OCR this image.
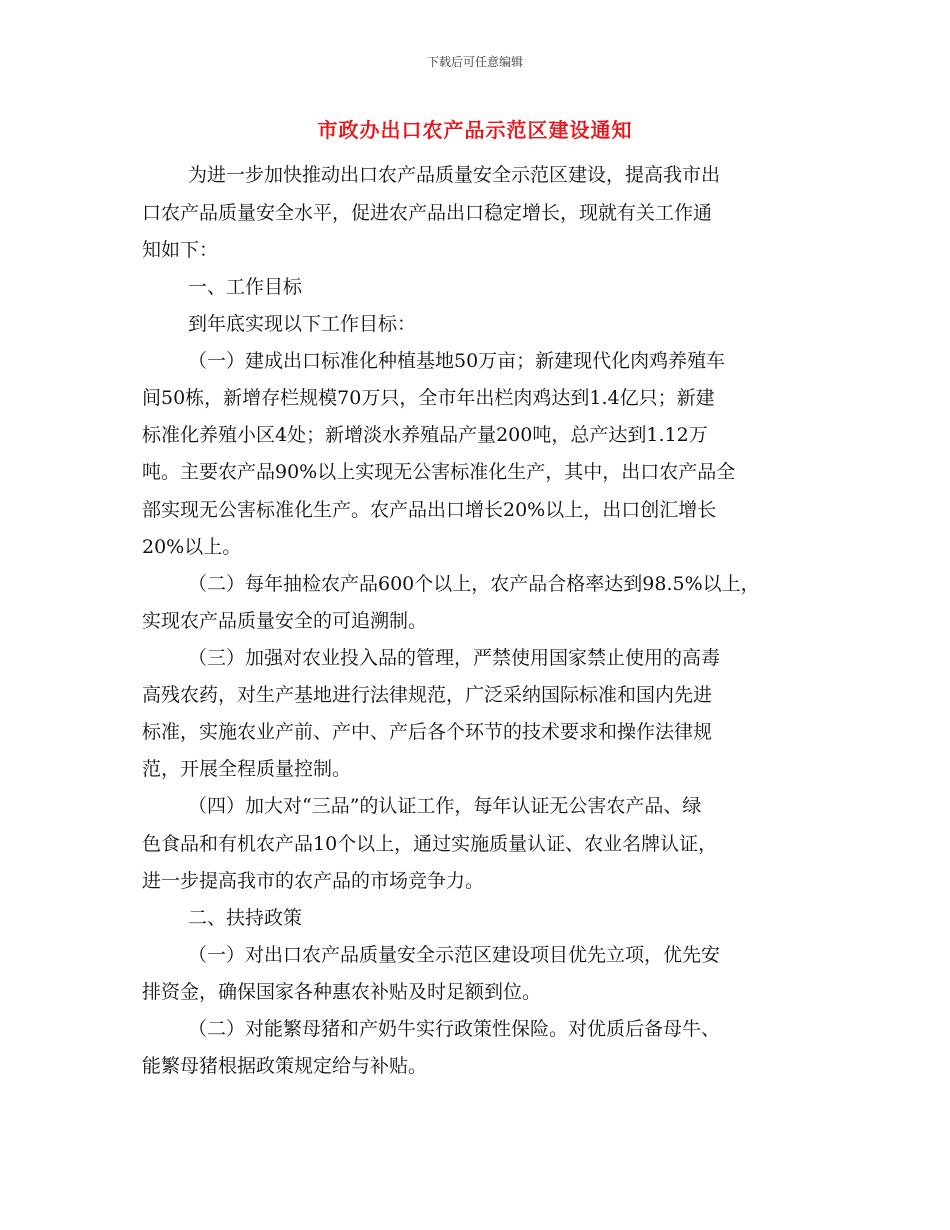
下载后可任意编辑
市政办出口农产品示范区建设通知
为进一步加快推动出口农产品质量安全示范区建设，提高我市出
口农产品质量安全水平，促进农产品出口稳定增长，现就有关工作通
知如下：
一、工作目标
到年底实现以下工作目标：
（一）建成出口标准化种植基地50万亩；新建现代化肉鸡养殖车
间50栋，新增存栏规模70万只，全市年出栏肉鸡达到1.4亿只；新建
标准化养殖小区4处；新增淡水养殖品产量200吨，总产达到1.12万
吨。主要农产品90%以上实现无公害标准化生产，其中，出口农产品全
部实现无公害标准化生产。农产品出口增长20%以上，出口创汇增长
20%以上。
（二）每年抽检农产品600个以上，农产品合格率达到98.5%以上，
实现农产品质量安全的可追溯制。
（三）加强对农业投入品的管理，严禁使用国家禁止使用的高毒
高残农药，对生产基地进行法律规范，广泛采纳国际标准和国内先进
标准，实施农业产前、产中、产后各个环节的技术要求和操作法律规
范，开展全程质量控制。
（四）加大对“三品”的认证工作，每年认证无公害农产品、绿
色食品和有机农产品10个以上，通过实施质量认证、农业名牌认证，
进一步提高我市的农产品的市场竞争力。
二、扶持政策
（一）对出口农产品质量安全示范区建设项目优先立项，优先安
排资金，确保国家各种惠农补贴及时足额到位。
（二）对能繁母猪和产奶牛实行政策性保险。对优质后备母牛、
能繁母猪根据政策规定给与补贴。
